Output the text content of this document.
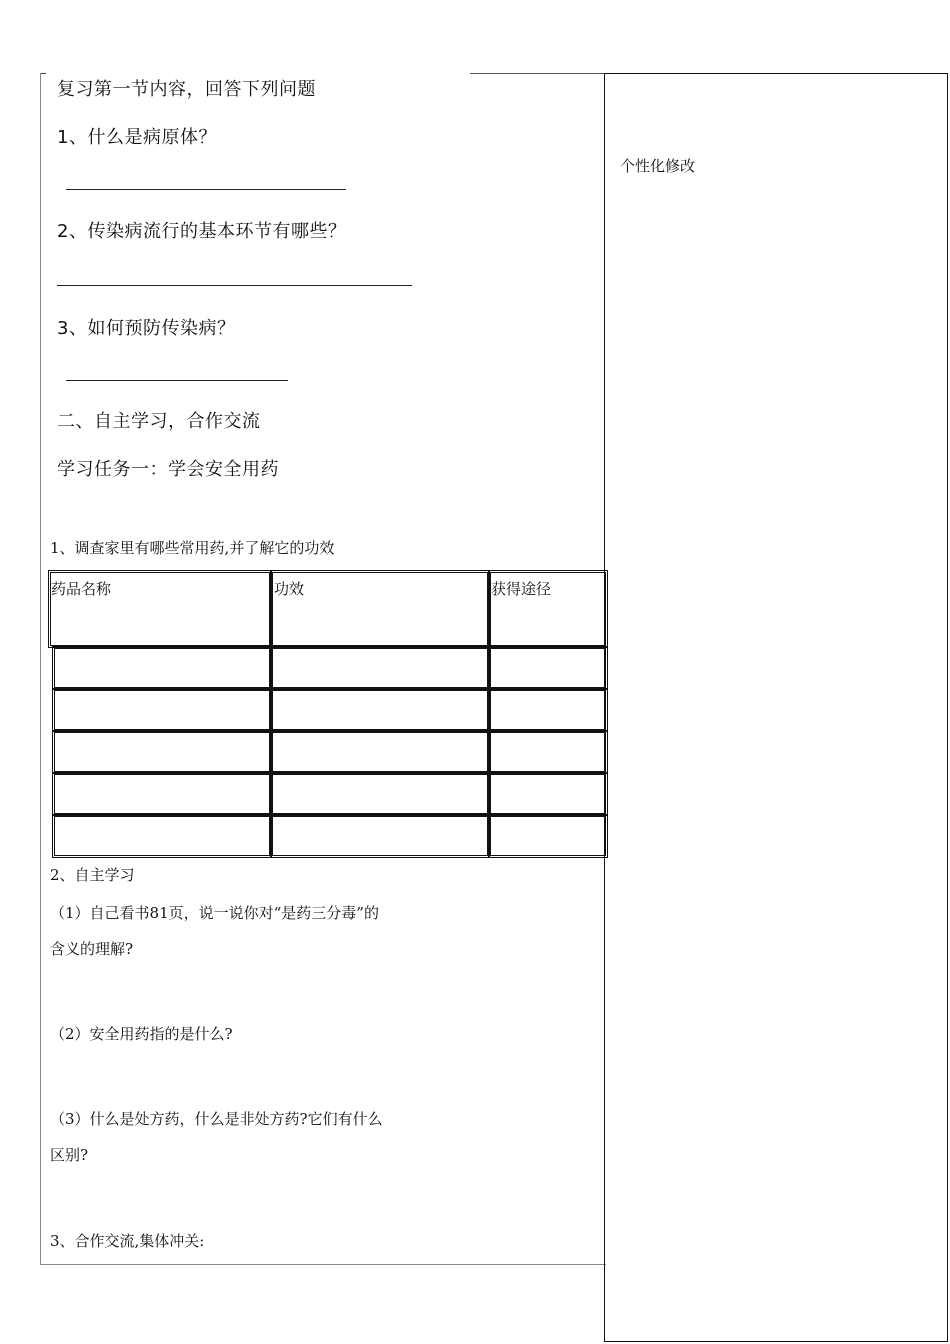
个性化修改
复习第一节内容，回答下列问题
1、什么是病原体？
2、传染病流行的基本环节有哪些？
3、如何预防传染病？
二、自主学习，合作交流
学习任务一：学会安全用药
1、调查家里有哪些常用药,并了解它的功效
药品名称	功效	获得途径
2、自主学习
（1）自己看书81页，说一说你对“是药三分毒”的
含义的理解?
（2）安全用药指的是什么?
（3）什么是处方药，什么是非处方药?它们有什么
区别?
3、合作交流,集体冲关:
